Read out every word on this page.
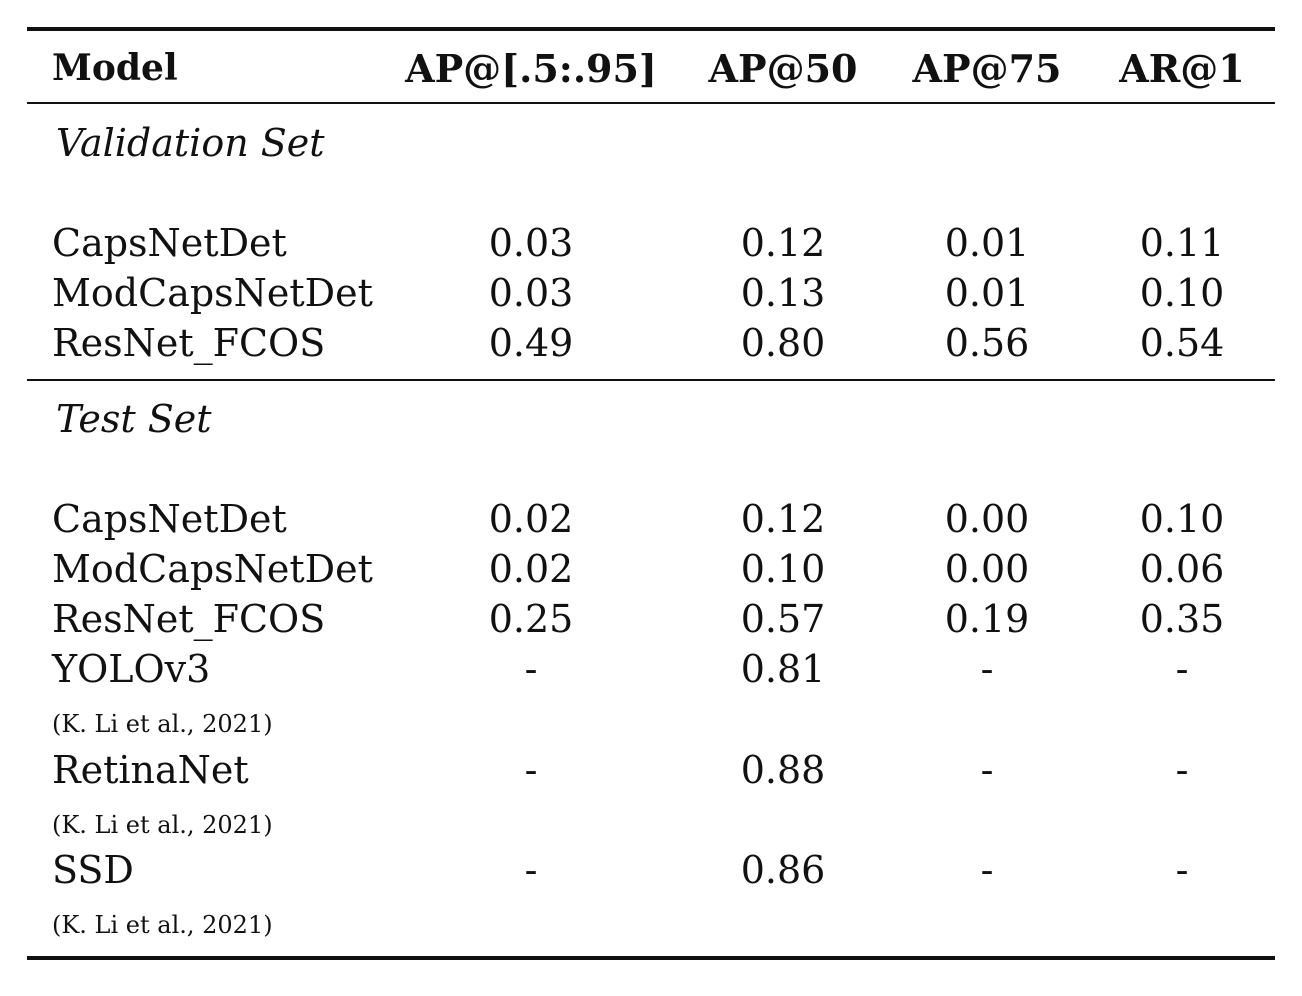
Model	AP@[.5:.95] AP@50 AP@75 AR@1
Validation Set
CapsNetDet	0.03	0.12	0.01	0.11
ModCapsNetDet	0.03	0.13	0.01	0.10
ResNet_FCOS	0.49	0.80	0.56	0.54
Test Set
CapsNetDet	0.02	0.12	0.00	0.10
ModCapsNetDet	0.02	0.10	0.00	0.06
ResNet_FCOS	0.25	0.57	0.19	0.35
YOLOv3	-	0.81	-	-
(K. Li et al., 2021)
RetinaNet	-	0.88	-	-
(K. Li et al., 2021)
SSD	-	0.86	-	-
(K. Li et al., 2021)
